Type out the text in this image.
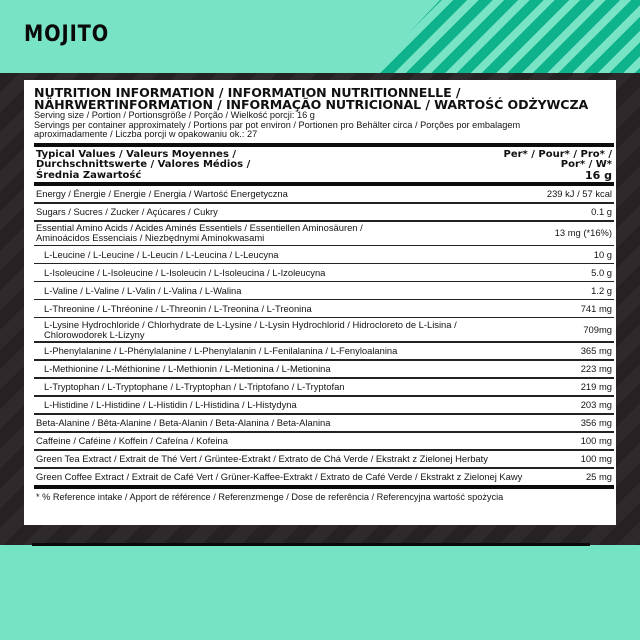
MOJITO
NUTRITION INFORMATION / INFORMATION NUTRITIONNELLE /
NÄHRWERTINFORMATION / INFORMAÇÃO NUTRICIONAL / WARTOŚĆ ODŻYWCZA
Serving size / Portion / Portionsgröße / Porção / Wielkość porcji: 16 g
Servings per container approximately / Portions par pot environ / Portionen pro Behälter circa / Porções por embalagem
aproximadamente / Liczba porcji w opakowaniu ok.: 27
Typical Values / Valeurs Moyennes /
Durchschnittswerte / Valores Médios /
Średnia Zawartość
Per* / Pour* / Pro* /
Por* / W*
16 g
Energy / Énergie / Energie / Energia / Wartość Energetyczna	239 kJ / 57 kcal
Sugars / Sucres / Zucker / Açúcares / Cukry	0.1 g
Essential Amino Acids / Acides Aminés Essentiels / Essentiellen Aminosäuren /
Aminoácidos Essenciais / Niezbędnymi Aminokwasami	13 mg (*16%)
L-Leucine / L-Leucine / L-Leucin / L-Leucina / L-Leucyna	10 g
L-Isoleucine / L-Isoleucine / L-Isoleucin / L-Isoleucina / L-Izoleucyna	5.0 g
L-Valine / L-Valine / L-Valin / L-Valina / L-Walina	1.2 g
L-Threonine / L-Thréonine / L-Threonin / L-Treonina / L-Treonina	741 mg
L-Lysine Hydrochloride / Chlorhydrate de L-Lysine / L-Lysin Hydrochlorid / Hidrocloreto de L-Lisina /
Chlorowodorek L-Lizyny	709mg
L-Phenylalanine / L-Phénylalanine / L-Phenylalanin / L-Fenilalanina / L-Fenyloalanina	365 mg
L-Methionine / L-Méthionine / L-Methionin / L-Metionina / L-Metionina	223 mg
L-Tryptophan / L-Tryptophane / L-Tryptophan / L-Triptofano / L-Tryptofan	219 mg
L-Histidine / L-Histidine / L-Histidin / L-Histidina / L-Histydyna	203 mg
Beta-Alanine / Bêta-Alanine / Beta-Alanin / Beta-Alanina / Beta-Alanina	356 mg
Caffeine / Caféine / Koffein / Cafeína / Kofeina	100 mg
Green Tea Extract / Extrait de Thé Vert / Grüntee-Extrakt / Extrato de Chá Verde / Ekstrakt z Zielonej Herbaty	100 mg
Green Coffee Extract / Extrait de Café Vert / Grüner-Kaffee-Extrakt / Extrato de Café Verde / Ekstrakt z Zielonej Kawy	25 mg
* % Reference intake / Apport de référence / Referenzmenge / Dose de referência / Referencyjna wartość spożycia
